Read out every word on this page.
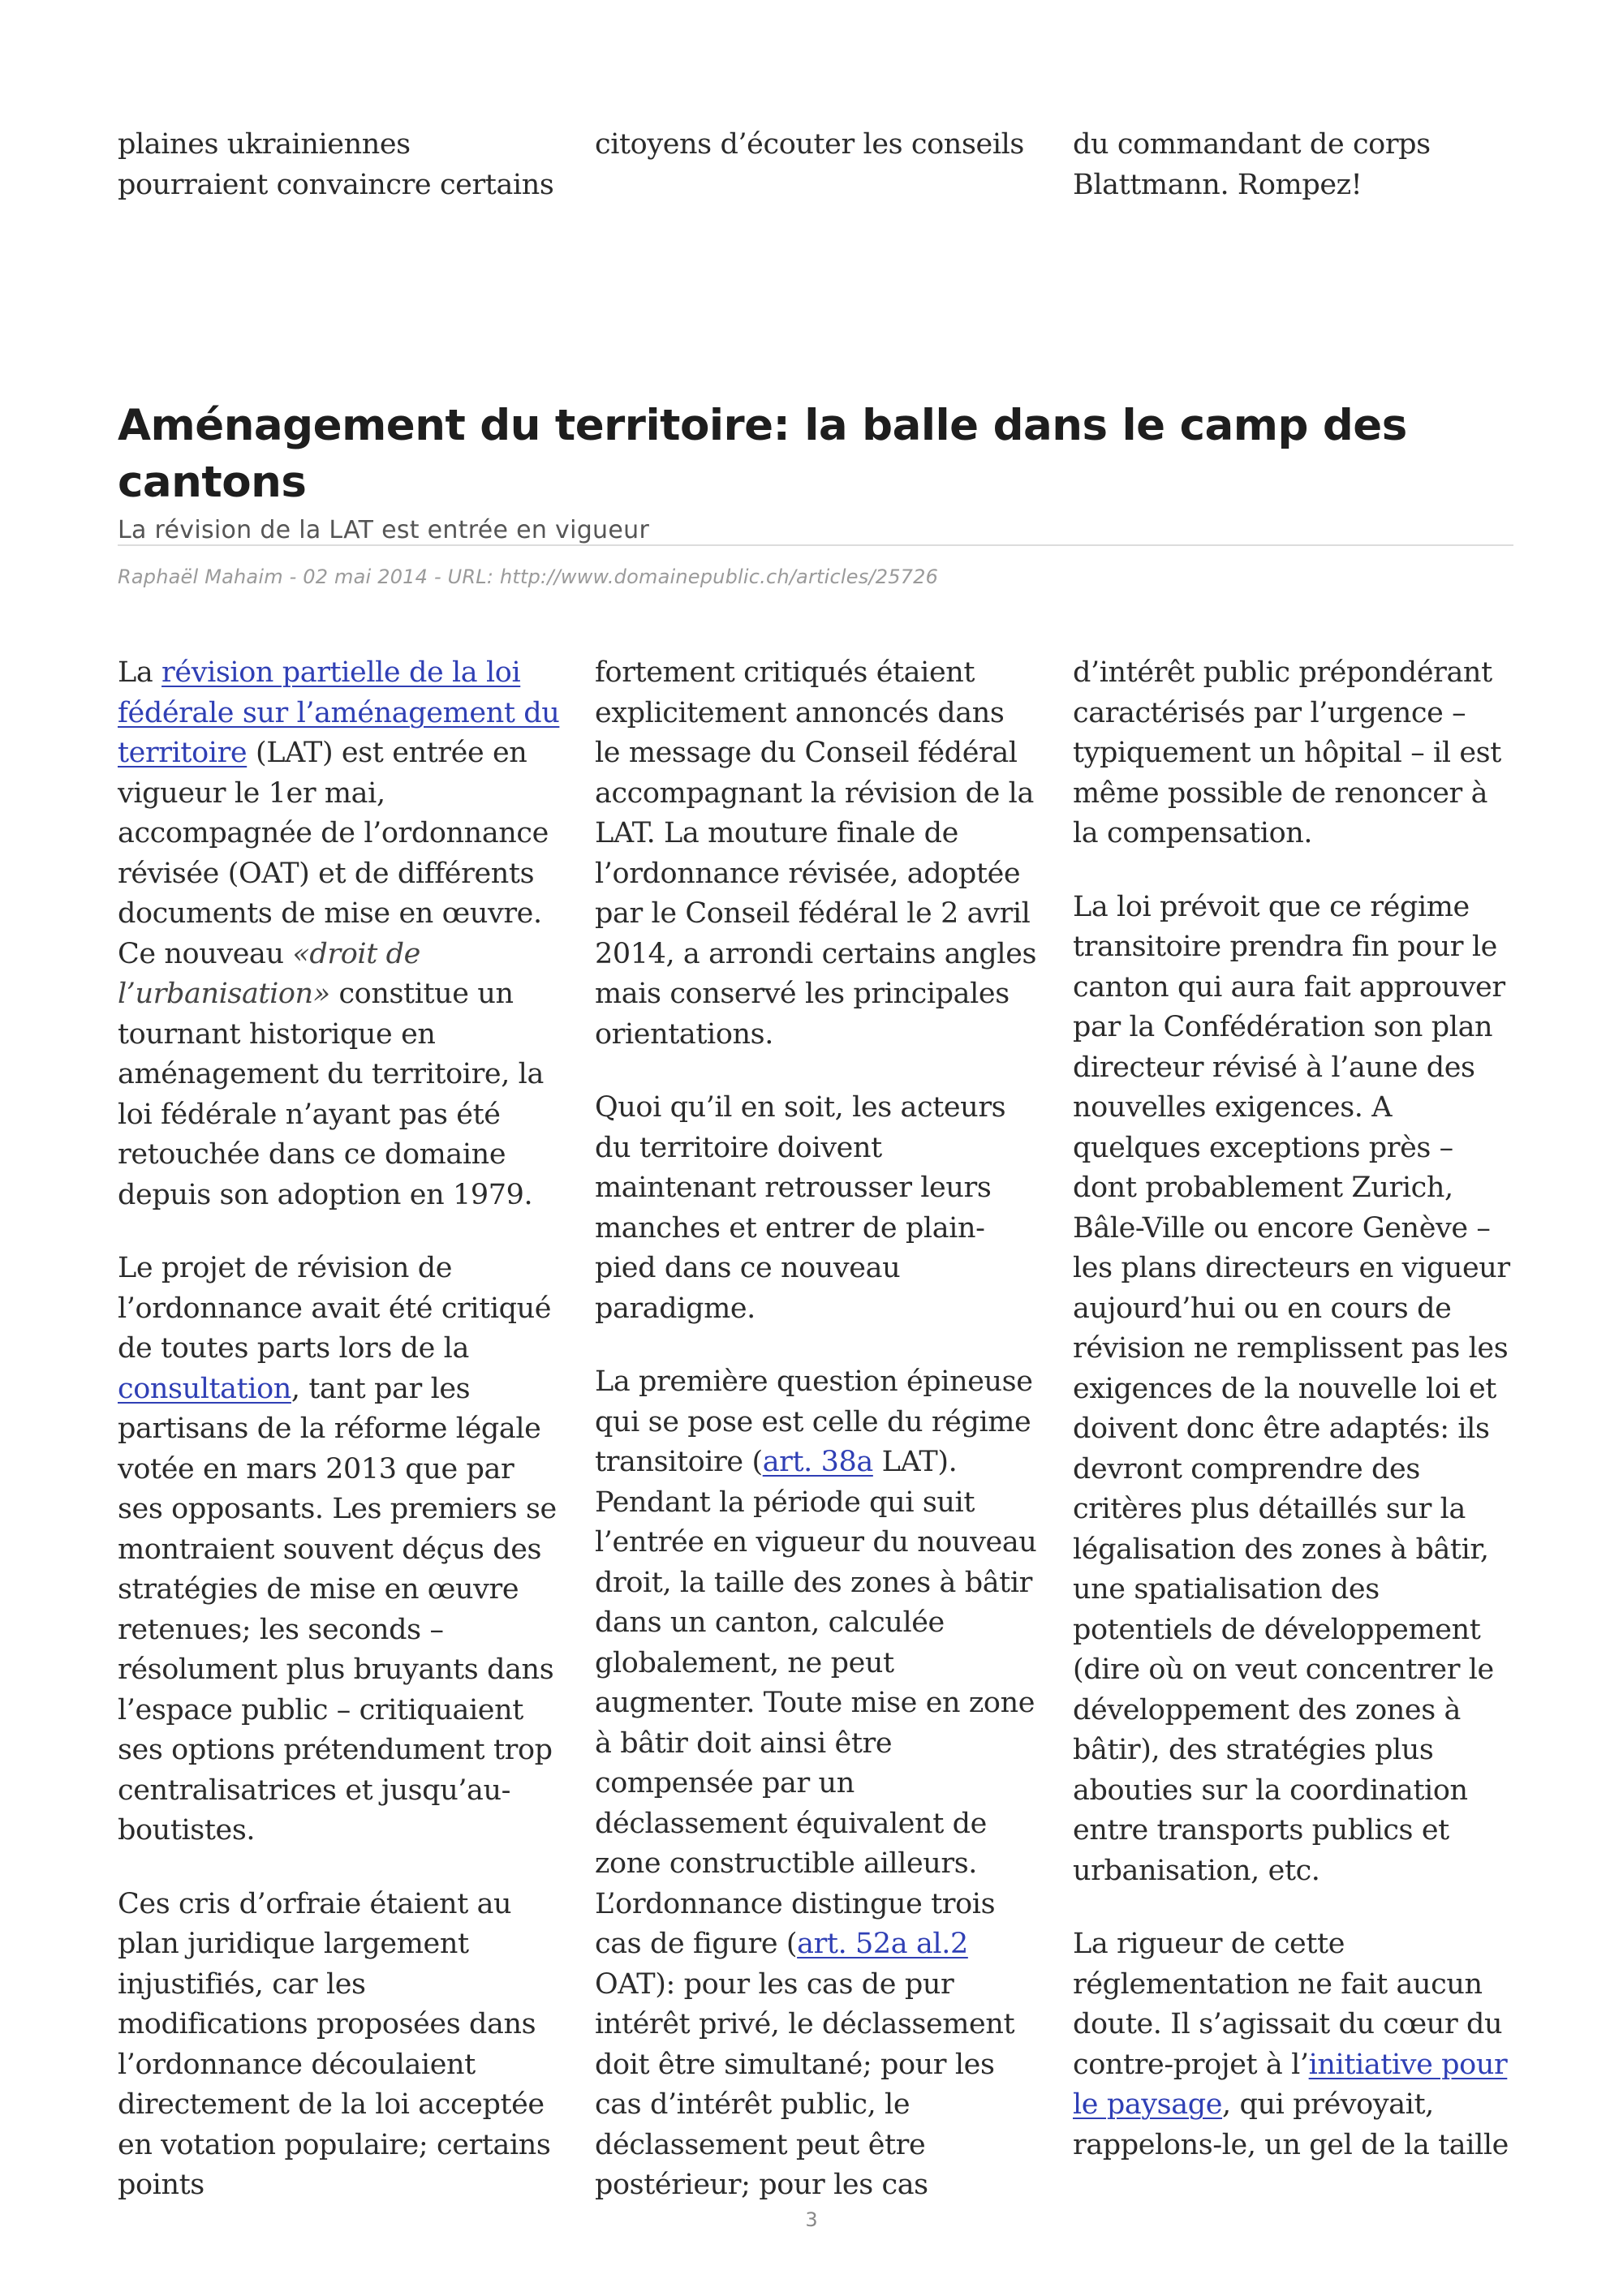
plaines ukrainiennes
pourraient convaincre certains
citoyens d’écouter les conseils	du commandant de corps
Blattmann. Rompez!
Aménagement du territoire: la balle dans le camp des cantons

La révision de la LAT est entrée en vigueur

Raphaël Mahaim - 02 mai 2014 - URL: http://www.domainepublic.ch/articles/25726

La révision partielle de la loi fédérale sur l’aménagement du territoire (LAT) est entrée en vigueur le 1er mai, accompagnée de l’ordonnance révisée (OAT) et de différents documents de mise en œuvre. Ce nouveau «droit de l’urbanisation» constitue un tournant historique en aménagement du territoire, la loi fédérale n’ayant pas été retouchée dans ce domaine depuis son adoption en 1979.

Le projet de révision de l’ordonnance avait été critiqué de toutes parts lors de la consultation, tant par les partisans de la réforme légale votée en mars 2013 que par ses opposants. Les premiers se montraient souvent déçus des stratégies de mise en œuvre retenues; les seconds – résolument plus bruyants dans l’espace public – critiquaient ses options prétendument trop centralisatrices et jusqu’au-boutistes.

Ces cris d’orfraie étaient au plan juridique largement injustifiés, car les modifications proposées dans l’ordonnance découlaient directement de la loi acceptée en votation populaire; certains points

fortement critiqués étaient explicitement annoncés dans le message du Conseil fédéral accompagnant la révision de la LAT. La mouture finale de l’ordonnance révisée, adoptée par le Conseil fédéral le 2 avril 2014, a arrondi certains angles mais conservé les principales orientations.

Quoi qu’il en soit, les acteurs du territoire doivent maintenant retrousser leurs manches et entrer de plain-pied dans ce nouveau paradigme.

La première question épineuse qui se pose est celle du régime transitoire (art. 38a LAT). Pendant la période qui suit l’entrée en vigueur du nouveau droit, la taille des zones à bâtir dans un canton, calculée globalement, ne peut augmenter. Toute mise en zone à bâtir doit ainsi être compensée par un déclassement équivalent de zone constructible ailleurs. L’ordonnance distingue trois cas de figure (art. 52a al.2 OAT): pour les cas de pur intérêt privé, le déclassement doit être simultané; pour les cas d’intérêt public, le déclassement peut être postérieur; pour les cas

d’intérêt public prépondérant caractérisés par l’urgence – typiquement un hôpital – il est même possible de renoncer à la compensation.

La loi prévoit que ce régime transitoire prendra fin pour le canton qui aura fait approuver par la Confédération son plan directeur révisé à l’aune des nouvelles exigences. A quelques exceptions près – dont probablement Zurich, Bâle-Ville ou encore Genève – les plans directeurs en vigueur aujourd’hui ou en cours de révision ne remplissent pas les exigences de la nouvelle loi et doivent donc être adaptés: ils devront comprendre des critères plus détaillés sur la légalisation des zones à bâtir, une spatialisation des potentiels de développement (dire où on veut concentrer le développement des zones à bâtir), des stratégies plus abouties sur la coordination entre transports publics et urbanisation, etc.

La rigueur de cette réglementation ne fait aucun doute. Il s’agissait du cœur du contre-projet à l’initiative pour le paysage, qui prévoyait, rappelons-le, un gel de la taille

3
